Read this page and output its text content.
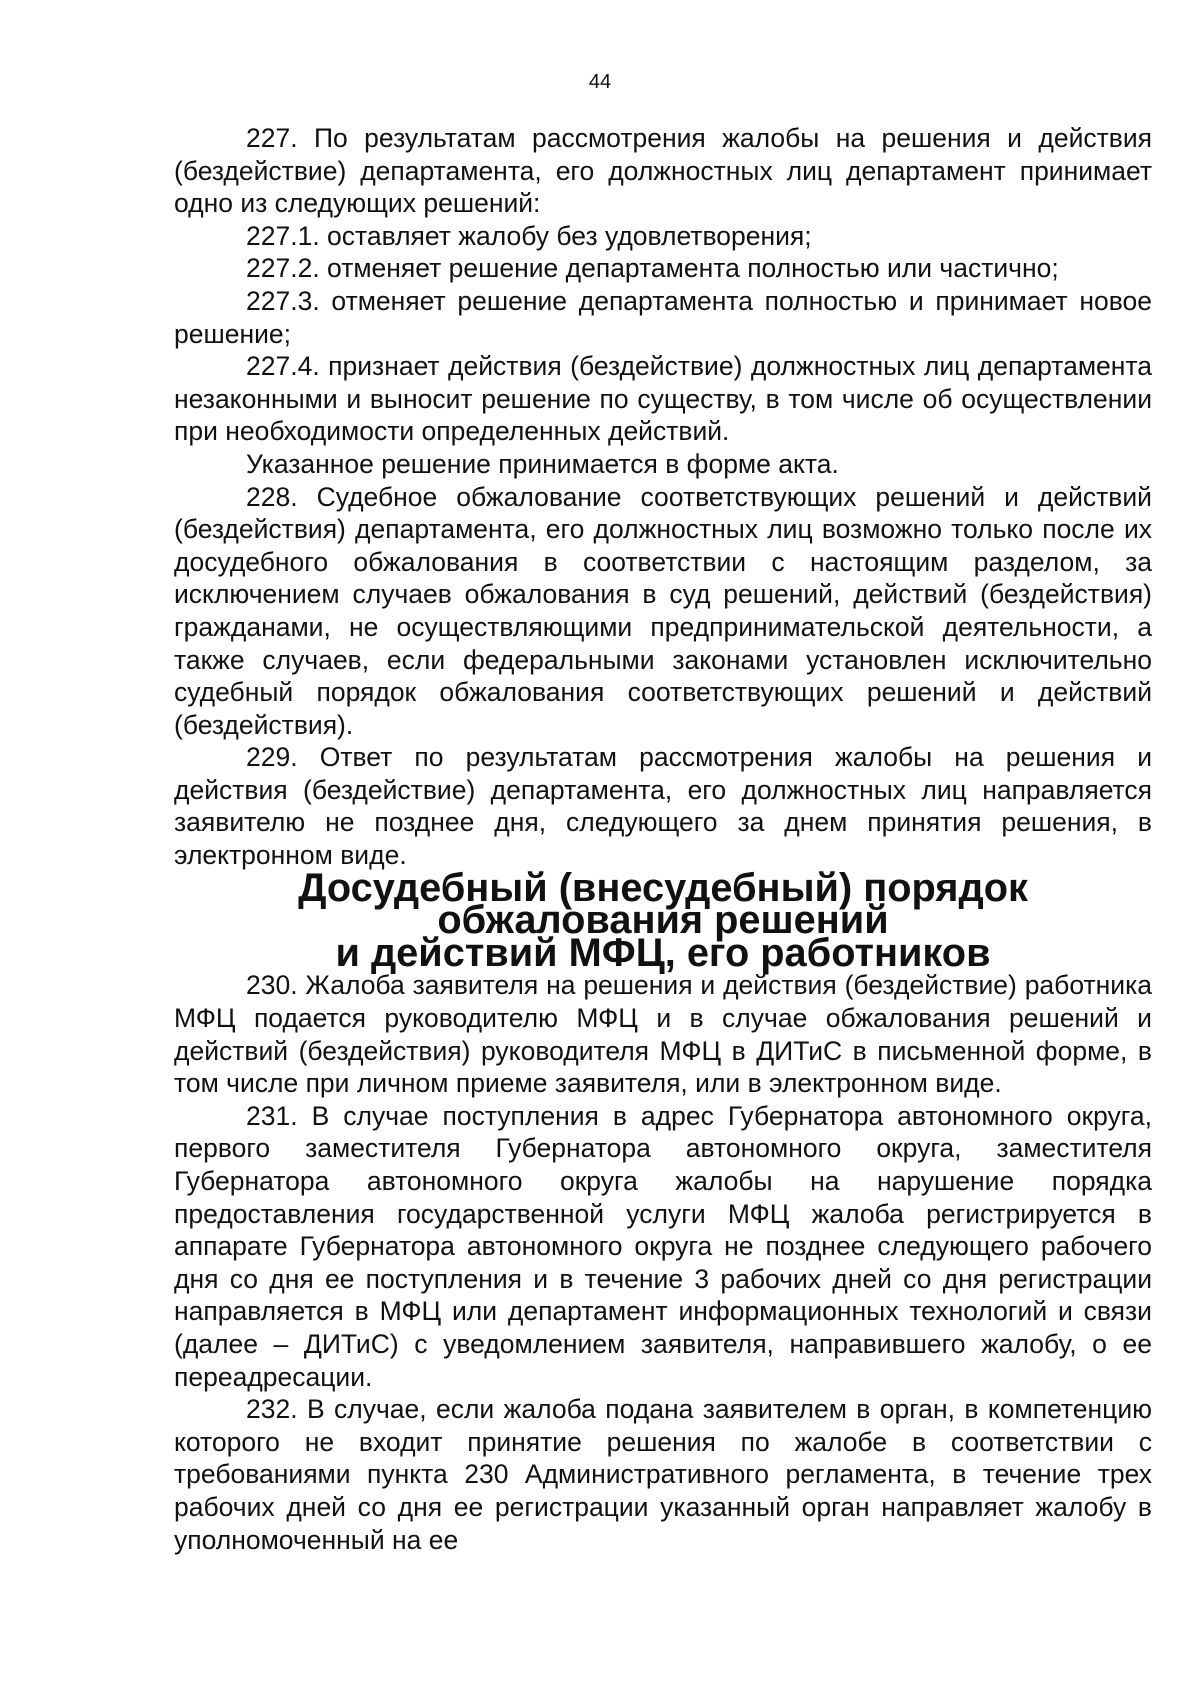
44

227. По результатам рассмотрения жалобы на решения и действия (бездействие) департамента, его должностных лиц департамент принимает одно из следующих решений:

227.1. оставляет жалобу без удовлетворения;

227.2. отменяет решение департамента полностью или частично;

227.3. отменяет решение департамента полностью и принимает новое решение;

227.4. признает действия (бездействие) должностных лиц департамента незаконными и выносит решение по существу, в том числе об осуществлении при необходимости определенных действий.

Указанное решение принимается в форме акта.

228. Судебное обжалование соответствующих решений и действий (бездействия) департамента, его должностных лиц возможно только после их досудебного обжалования в соответствии с настоящим разделом, за исключением случаев обжалования в суд решений, действий (бездействия) гражданами, не осуществляющими предпринимательской деятельности, а также случаев, если федеральными законами установлен исключительно судебный порядок обжалования соответствующих решений и действий (бездействия).

229. Ответ по результатам рассмотрения жалобы на решения и действия (бездействие) департамента, его должностных лиц направляется заявителю не позднее дня, следующего за днем принятия решения, в электронном виде.

Досудебный (внесудебный) порядок обжалования решений
и действий МФЦ, его работников

230. Жалоба заявителя на решения и действия (бездействие) работника МФЦ подается руководителю МФЦ и в случае обжалования решений и действий (бездействия) руководителя МФЦ в ДИТиС в письменной форме, в том числе при личном приеме заявителя, или в электронном виде.

231. В случае поступления в адрес Губернатора автономного округа, первого заместителя Губернатора автономного округа, заместителя Губернатора автономного округа жалобы на нарушение порядка предоставления государственной услуги МФЦ жалоба регистрируется в аппарате Губернатора автономного округа не позднее следующего рабочего дня со дня ее поступления и в течение 3 рабочих дней со дня регистрации направляется в МФЦ или департамент информационных технологий и связи (далее – ДИТиС) с уведомлением заявителя, направившего жалобу, о ее переадресации.

232. В случае, если жалоба подана заявителем в орган, в компетенцию которого не входит принятие решения по жалобе в соответствии с требованиями пункта 230 Административного регламента, в течение трех рабочих дней со дня ее регистрации указанный орган направляет жалобу в уполномоченный на ее
